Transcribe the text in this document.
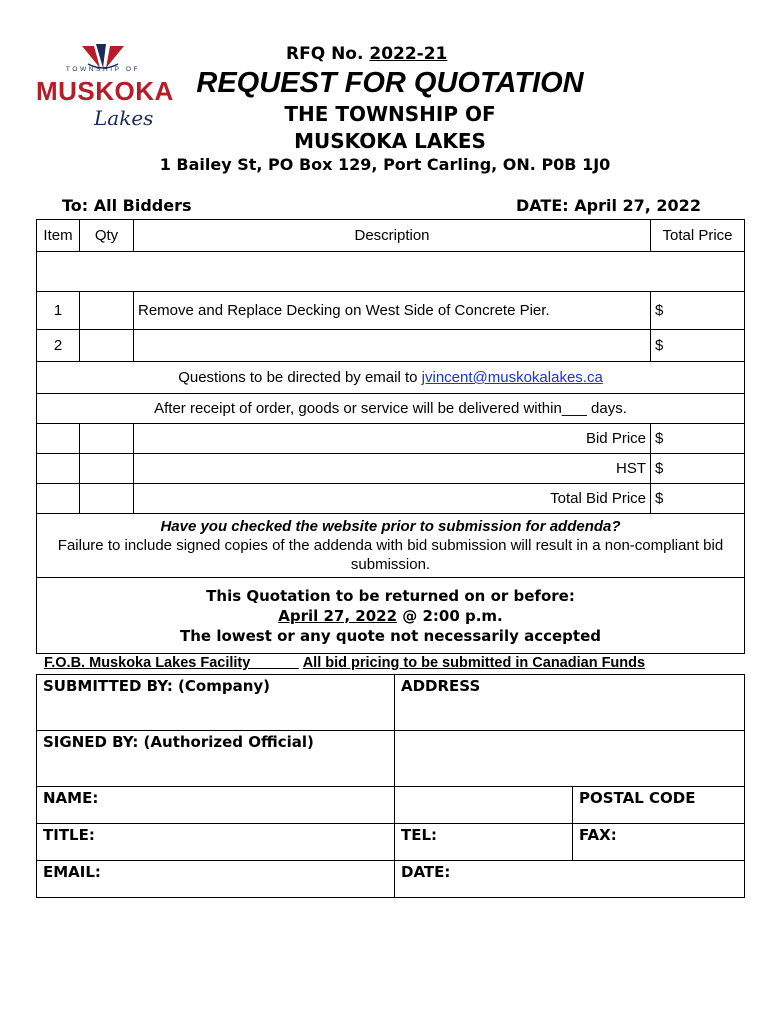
TOWNSHIP OF
MUSKOKA
Lakes
RFQ No. 2022-21
REQUEST FOR QUOTATION
THE TOWNSHIP OF
MUSKOKA LAKES
1 Bailey St, PO Box 129, Port Carling, ON. P0B 1J0
To: All Bidders	DATE: April 27, 2022
Item	Qty	Description	Total Price

1		Remove and Replace Decking on West Side of Concrete Pier.	$
2			$
Questions to be directed by email to jvincent@muskokalakes.ca			
After receipt of order, goods or service will be delivered within___ days.			
		Bid Price	$
		HST	$
		Total Bid Price	$

Have you checked the website prior to submission for addenda?
Failure to include signed copies of the addenda with bid submission will result in a non-compliant bid submission.			

This Quotation to be returned on or before:
April 27, 2022 @ 2:00 p.m.
The lowest or any quote not necessarily accepted			
F.O.B. Muskoka Lakes Facility______ All bid pricing to be submitted in Canadian Funds
SUBMITTED BY: (Company)	ADDRESS	
SIGNED BY: (Authorized Official)		
NAME:		POSTAL CODE
TITLE:	TEL:	FAX:
EMAIL:	DATE:	
